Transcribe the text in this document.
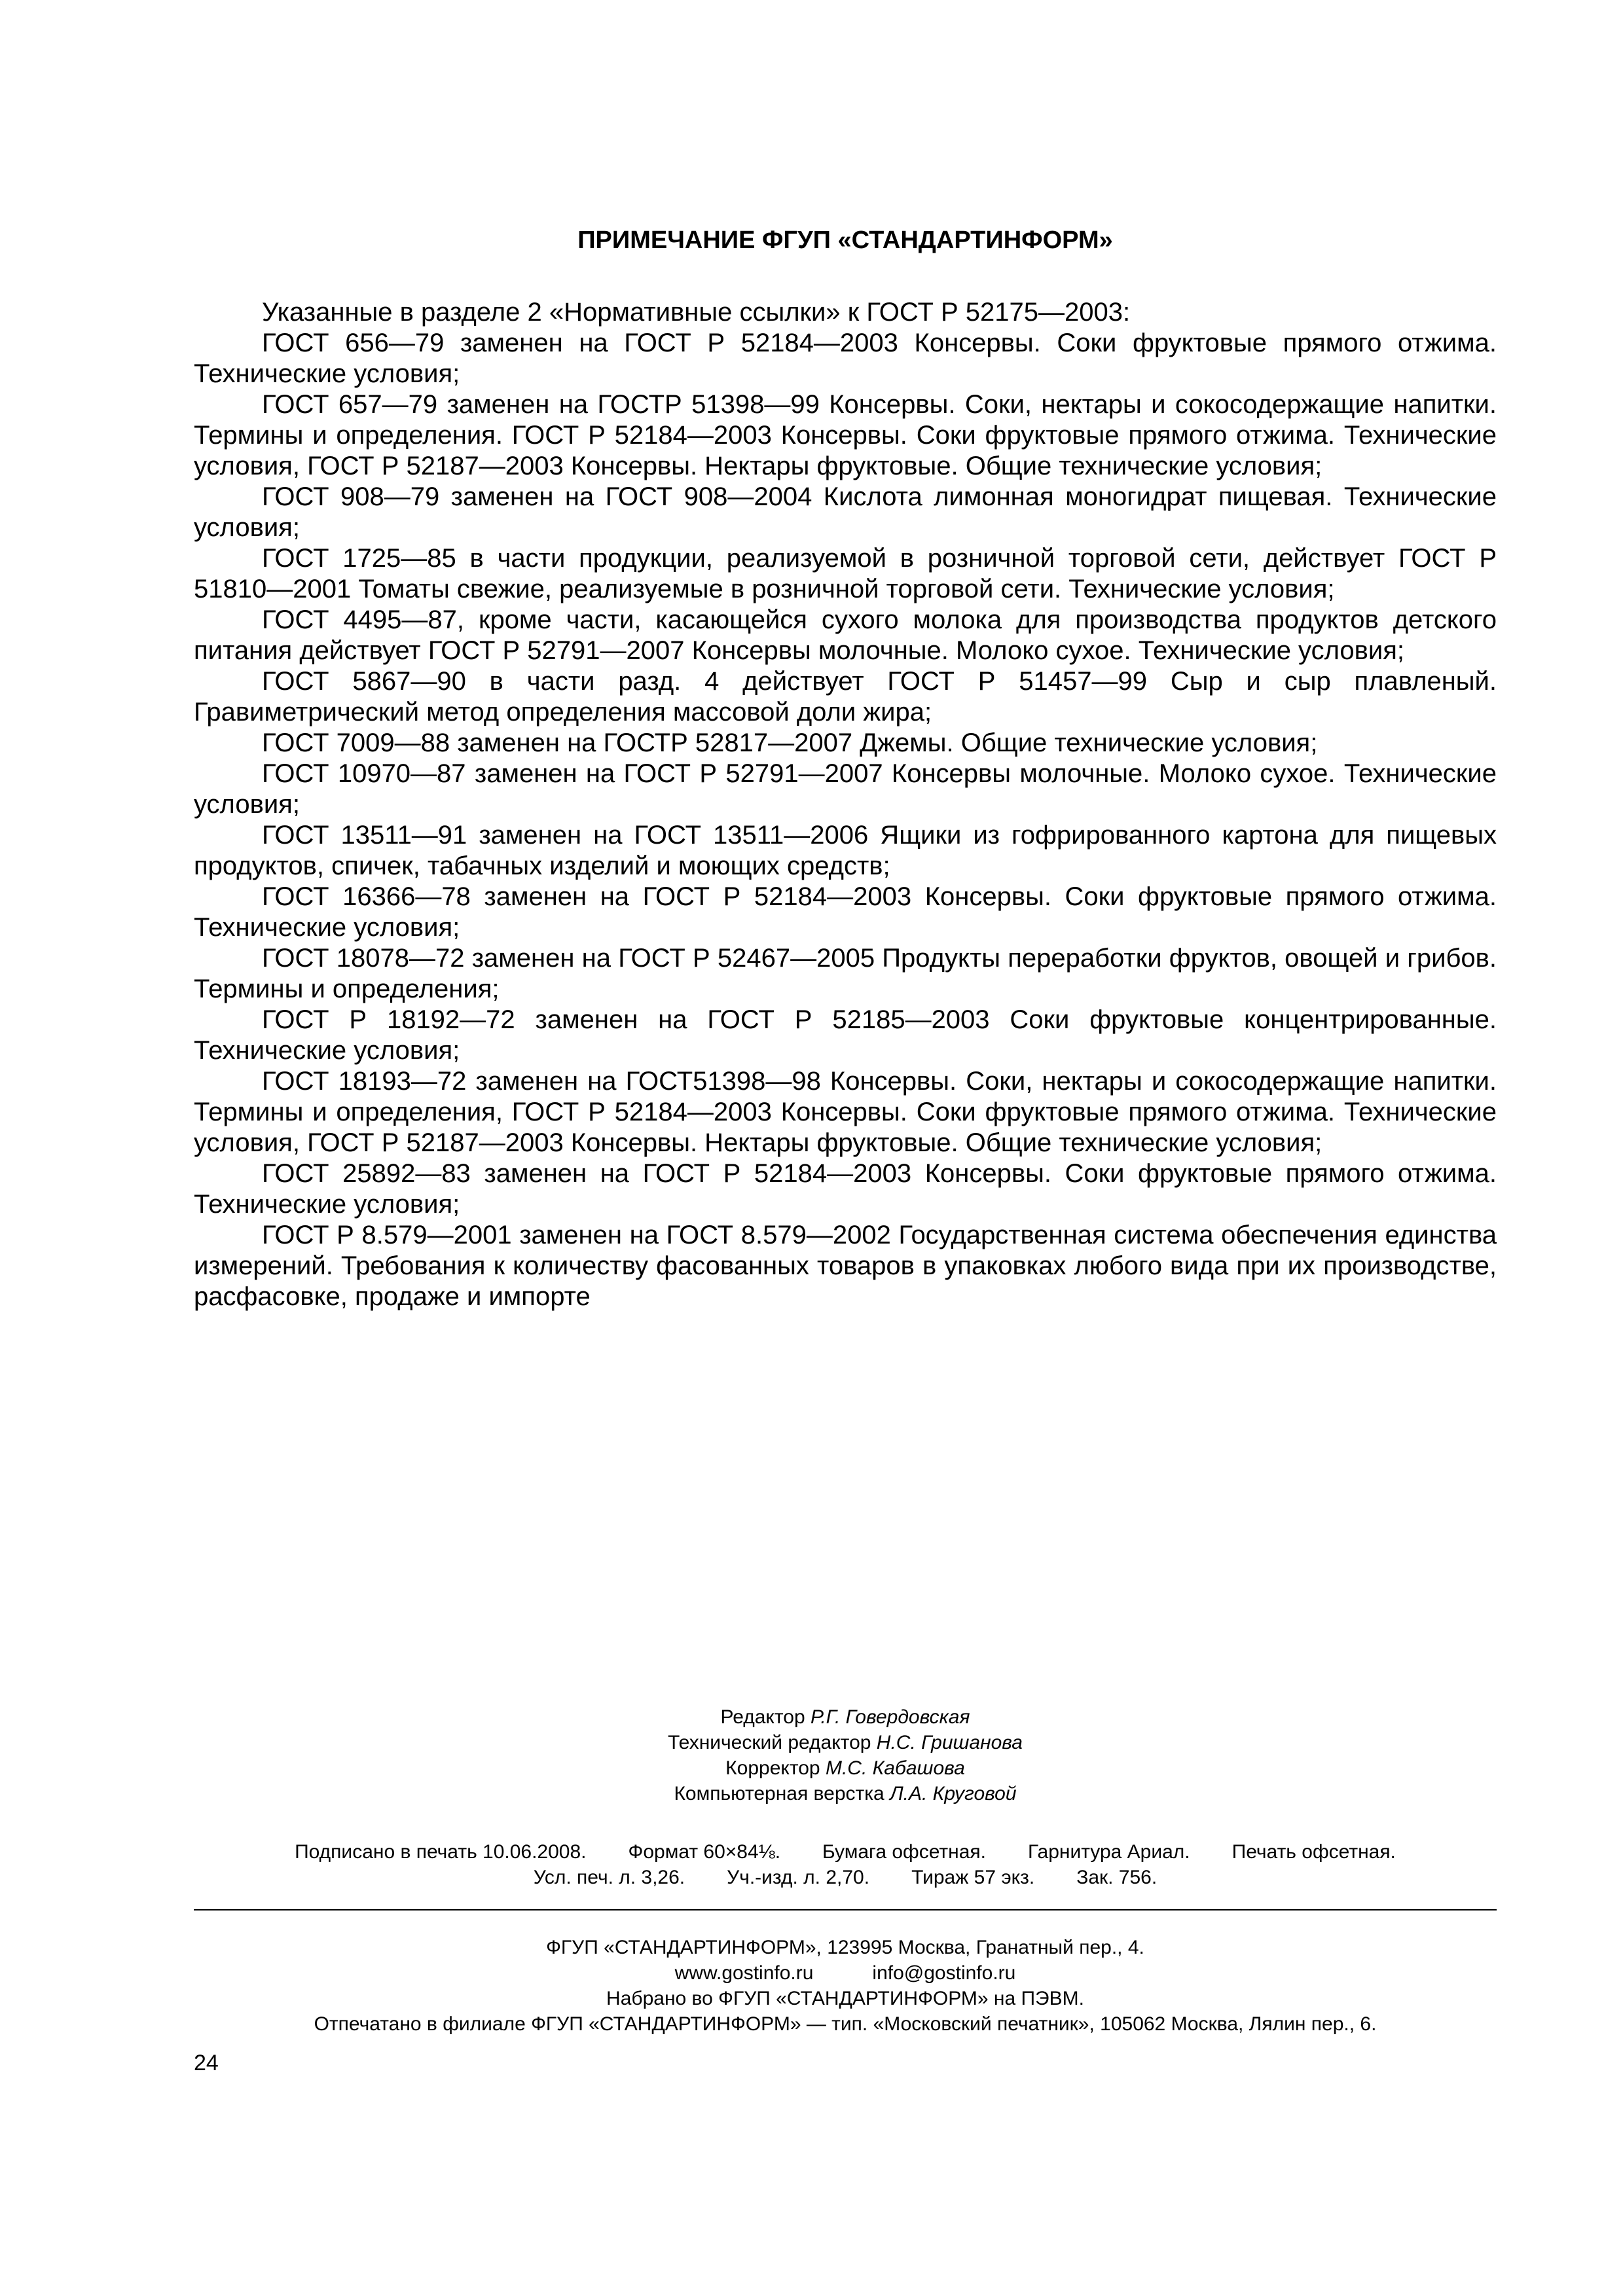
ПРИМЕЧАНИЕ ФГУП «СТАНДАРТИНФОРМ»

Указанные в разделе 2 «Нормативные ссылки» к ГОСТ Р 52175—2003:

ГОСТ 656—79 заменен на ГОСТ Р 52184—2003 Консервы. Соки фруктовые прямого отжима. Технические условия;

ГОСТ 657—79 заменен на ГОСТР 51398—99 Консервы. Соки, нектары и сокосодержащие напитки. Термины и определения. ГОСТ Р 52184—2003 Консервы. Соки фруктовые прямого отжима. Технические условия, ГОСТ Р 52187—2003 Консервы. Нектары фруктовые. Общие технические условия;

ГОСТ 908—79 заменен на ГОСТ 908—2004 Кислота лимонная моногидрат пищевая. Технические условия;

ГОСТ 1725—85 в части продукции, реализуемой в розничной торговой сети, действует ГОСТ Р 51810—2001 Томаты свежие, реализуемые в розничной торговой сети. Технические условия;

ГОСТ 4495—87, кроме части, касающейся сухого молока для производства продуктов детского питания действует ГОСТ Р 52791—2007 Консервы молочные. Молоко сухое. Технические условия;

ГОСТ 5867—90 в части разд. 4 действует ГОСТ Р 51457—99 Сыр и сыр плавленый. Гравиметрический метод определения массовой доли жира;

ГОСТ 7009—88 заменен на ГОСТР 52817—2007 Джемы. Общие технические условия;

ГОСТ 10970—87 заменен на ГОСТ Р 52791—2007 Консервы молочные. Молоко сухое. Технические условия;

ГОСТ 13511—91 заменен на ГОСТ 13511—2006 Ящики из гофрированного картона для пищевых продуктов, спичек, табачных изделий и моющих средств;

ГОСТ 16366—78 заменен на ГОСТ Р 52184—2003 Консервы. Соки фруктовые прямого отжима. Технические условия;

ГОСТ 18078—72 заменен на ГОСТ Р 52467—2005 Продукты переработки фруктов, овощей и грибов. Термины и определения;

ГОСТ Р 18192—72 заменен на ГОСТ Р 52185—2003 Соки фруктовые концентрированные. Технические условия;

ГОСТ 18193—72 заменен на ГОСТ51398—98 Консервы. Соки, нектары и сокосодержащие напитки. Термины и определения, ГОСТ Р 52184—2003 Консервы. Соки фруктовые прямого отжима. Технические условия, ГОСТ Р 52187—2003 Консервы. Нектары фруктовые. Общие технические условия;

ГОСТ 25892—83 заменен на ГОСТ Р 52184—2003 Консервы. Соки фруктовые прямого отжима. Технические условия;

ГОСТ Р 8.579—2001 заменен на ГОСТ 8.579—2002 Государственная система обеспечения единства измерений. Требования к количеству фасованных товаров в упаковках любого вида при их производстве, расфасовке, продаже и импорте

Редактор Р.Г. Говердовская
Технический редактор Н.С. Гришанова
Корректор М.С. Кабашова
Компьютерная верстка Л.А. Круговой
Подписано в печать 10.06.2008. Формат 60×84⅛. Бумага офсетная. Гарнитура Ариал. Печать офсетная.
Усл. печ. л. 3,26. Уч.-изд. л. 2,70. Тираж 57 экз. Зак. 756.
ФГУП «СТАНДАРТИНФОРМ», 123995 Москва, Гранатный пер., 4.
www.gostinfo.ru	info@gostinfo.ru
Набрано во ФГУП «СТАНДАРТИНФОРМ» на ПЭВМ.
Отпечатано в филиале ФГУП «СТАНДАРТИНФОРМ» — тип. «Московский печатник», 105062 Москва, Лялин пер., 6.
24
